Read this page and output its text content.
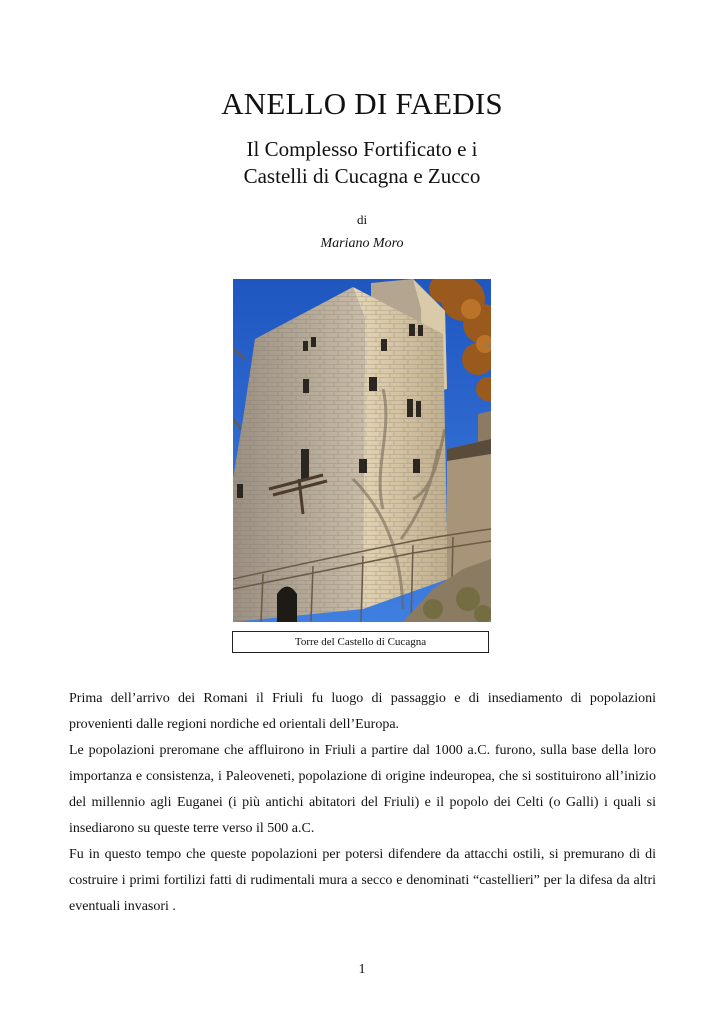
ANELLO DI FAEDIS
Il Complesso Fortificato e i
Castelli di Cucagna e Zucco
di
Mariano Moro
Torre del Castello di Cucagna

Prima dell’arrivo dei Romani il Friuli fu luogo di passaggio e di insediamento di popolazioni provenienti dalle regioni nordiche ed orientali dell’Europa.

Le popolazioni preromane che affluirono in Friuli a partire dal 1000 a.C. furono, sulla base della loro importanza e consistenza, i Paleoveneti, popolazione di origine indeuropea, che si sostituirono all’inizio del millennio agli Euganei (i più antichi abitatori del Friuli) e il popolo dei Celti (o Galli) i quali si insediarono su queste terre verso il 500 a.C.

Fu in questo tempo che queste popolazioni per potersi difendere da attacchi ostili, si premurano di di costruire i primi fortilizi fatti di rudimentali mura a secco e denominati “castellieri” per la difesa da altri eventuali invasori .

1
